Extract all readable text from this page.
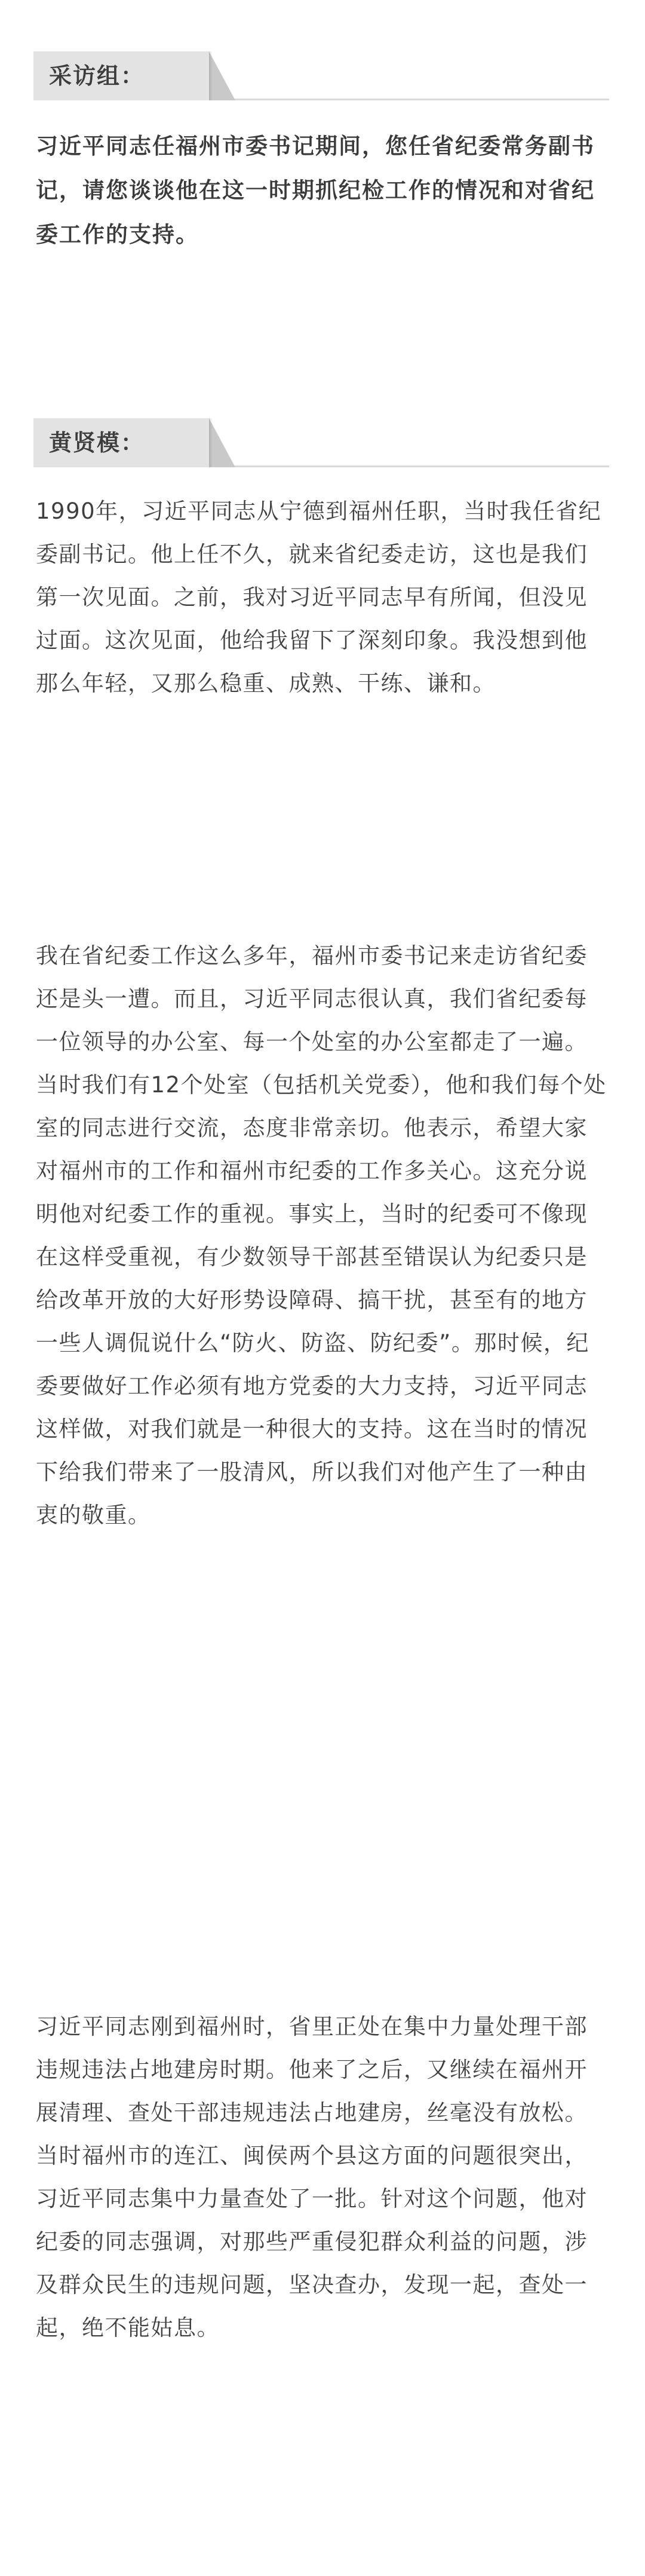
采访组：

习近平同志任福州市委书记期间，您任省纪委常务副书记，请您谈谈他在这一时期抓纪检工作的情况和对省纪委工作的支持。

黄贤模：

1990年，习近平同志从宁德到福州任职，当时我任省纪委副书记。他上任不久，就来省纪委走访，这也是我们第一次见面。之前，我对习近平同志早有所闻，但没见过面。这次见面，他给我留下了深刻印象。我没想到他那么年轻，又那么稳重、成熟、干练、谦和。

我在省纪委工作这么多年，福州市委书记来走访省纪委还是头一遭。而且，习近平同志很认真，我们省纪委每一位领导的办公室、每一个处室的办公室都走了一遍。当时我们有12个处室（包括机关党委），他和我们每个处室的同志进行交流，态度非常亲切。他表示，希望大家对福州市的工作和福州市纪委的工作多关心。这充分说明他对纪委工作的重视。事实上，当时的纪委可不像现在这样受重视，有少数领导干部甚至错误认为纪委只是给改革开放的大好形势设障碍、搞干扰，甚至有的地方一些人调侃说什么“防火、防盗、防纪委”。那时候，纪委要做好工作必须有地方党委的大力支持，习近平同志这样做，对我们就是一种很大的支持。这在当时的情况下给我们带来了一股清风，所以我们对他产生了一种由衷的敬重。

习近平同志刚到福州时，省里正处在集中力量处理干部违规违法占地建房时期。他来了之后，又继续在福州开展清理、查处干部违规违法占地建房，丝毫没有放松。当时福州市的连江、闽侯两个县这方面的问题很突出，习近平同志集中力量查处了一批。针对这个问题，他对纪委的同志强调，对那些严重侵犯群众利益的问题，涉及群众民生的违规问题，坚决查办，发现一起，查处一起，绝不能姑息。
